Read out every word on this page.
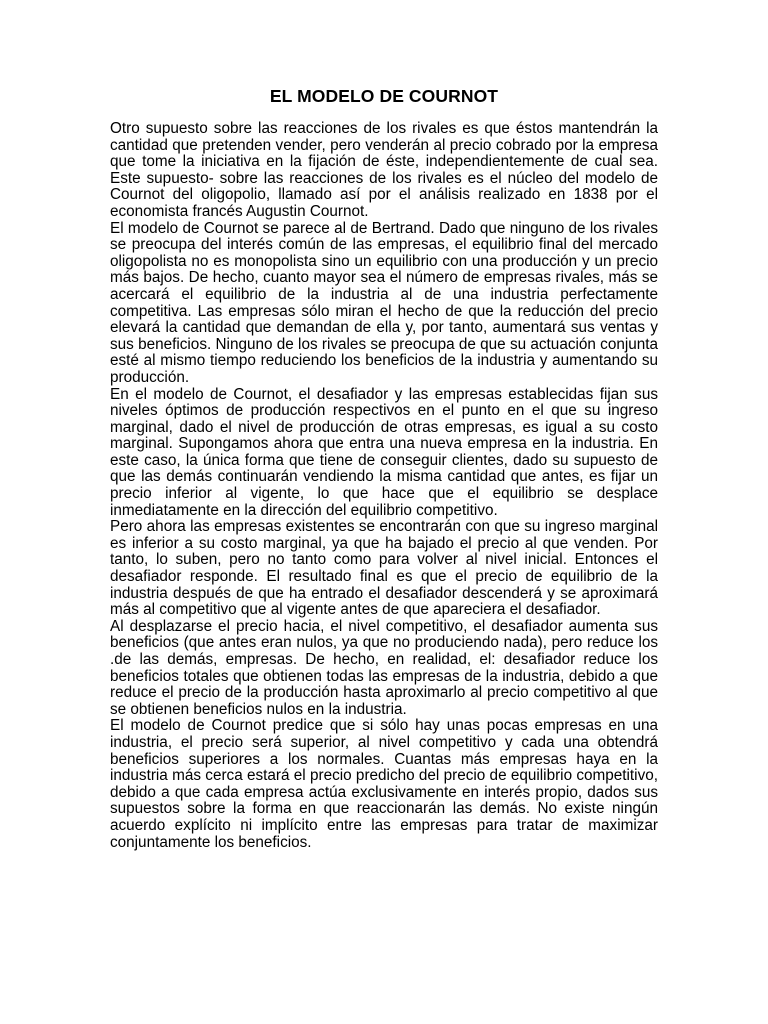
EL MODELO DE COURNOT

Otro supuesto sobre las reacciones de los rivales es que éstos mantendrán la cantidad que pretenden vender, pero venderán al precio cobrado por la empresa que tome la iniciativa en la fijación de éste, independientemente de cual sea. Este supuesto- sobre las reacciones de los rivales es el núcleo del modelo de Cournot del oligopolio, llamado así por el análisis realizado en 1838 por el economista francés Augustin Cournot.

El modelo de Cournot se parece al de Bertrand. Dado que ninguno de los rivales se preocupa del interés común de las empresas, el equilibrio final del mercado oligopolista no es monopolista sino un equilibrio con una producción y un precio más bajos. De hecho, cuanto mayor sea el número de empresas rivales, más se acercará el equilibrio de la industria al de una industria perfectamente competitiva. Las empresas sólo miran el hecho de que la reducción del precio elevará la cantidad que demandan de ella y, por tanto, aumentará sus ventas y sus beneficios. Ninguno de los rivales se preocupa de que su actuación conjunta esté al mismo tiempo reduciendo los beneficios de la industria y aumentando su producción.

En el modelo de Cournot, el desafiador y las empresas establecidas fijan sus niveles óptimos de producción respectivos en el punto en el que su ingreso marginal, dado el nivel de producción de otras empresas, es igual a su costo marginal. Supongamos ahora que entra una nueva empresa en la industria. En este caso, la única forma que tiene de conseguir clientes, dado su supuesto de que las demás continuarán vendiendo la misma cantidad que antes, es fijar un precio inferior al vigente, lo que hace que el equilibrio se desplace inmediatamente en la dirección del equilibrio competitivo.

Pero ahora las empresas existentes se encontrarán con que su ingreso marginal es inferior a su costo marginal, ya que ha bajado el precio al que venden. Por tanto, lo suben, pero no tanto como para volver al nivel inicial. Entonces el desafiador responde. El resultado final es que el precio de equilibrio de la industria después de que ha entrado el desafiador descenderá y se aproximará más al competitivo que al vigente antes de que apareciera el desafiador.

Al desplazarse el precio hacia, el nivel competitivo, el desafiador aumenta sus beneficios (que antes eran nulos, ya que no produciendo nada), pero reduce los .de las demás, empresas. De hecho, en realidad, el: desafiador reduce los beneficios totales que obtienen todas las empresas de la industria, debido a que reduce el precio de la producción hasta aproximarlo al precio competitivo al que se obtienen beneficios nulos en la industria.

El modelo de Cournot predice que si sólo hay unas pocas empresas en una industria, el precio será superior, al nivel competitivo y cada una obtendrá beneficios superiores a los normales. Cuantas más empresas haya en la industria más cerca estará el precio predicho del precio de equilibrio competitivo, debido a que cada empresa actúa exclusivamente en interés propio, dados sus supuestos sobre la forma en que reaccionarán las demás. No existe ningún acuerdo explícito ni implícito entre las empresas para tratar de maximizar conjuntamente los beneficios.
